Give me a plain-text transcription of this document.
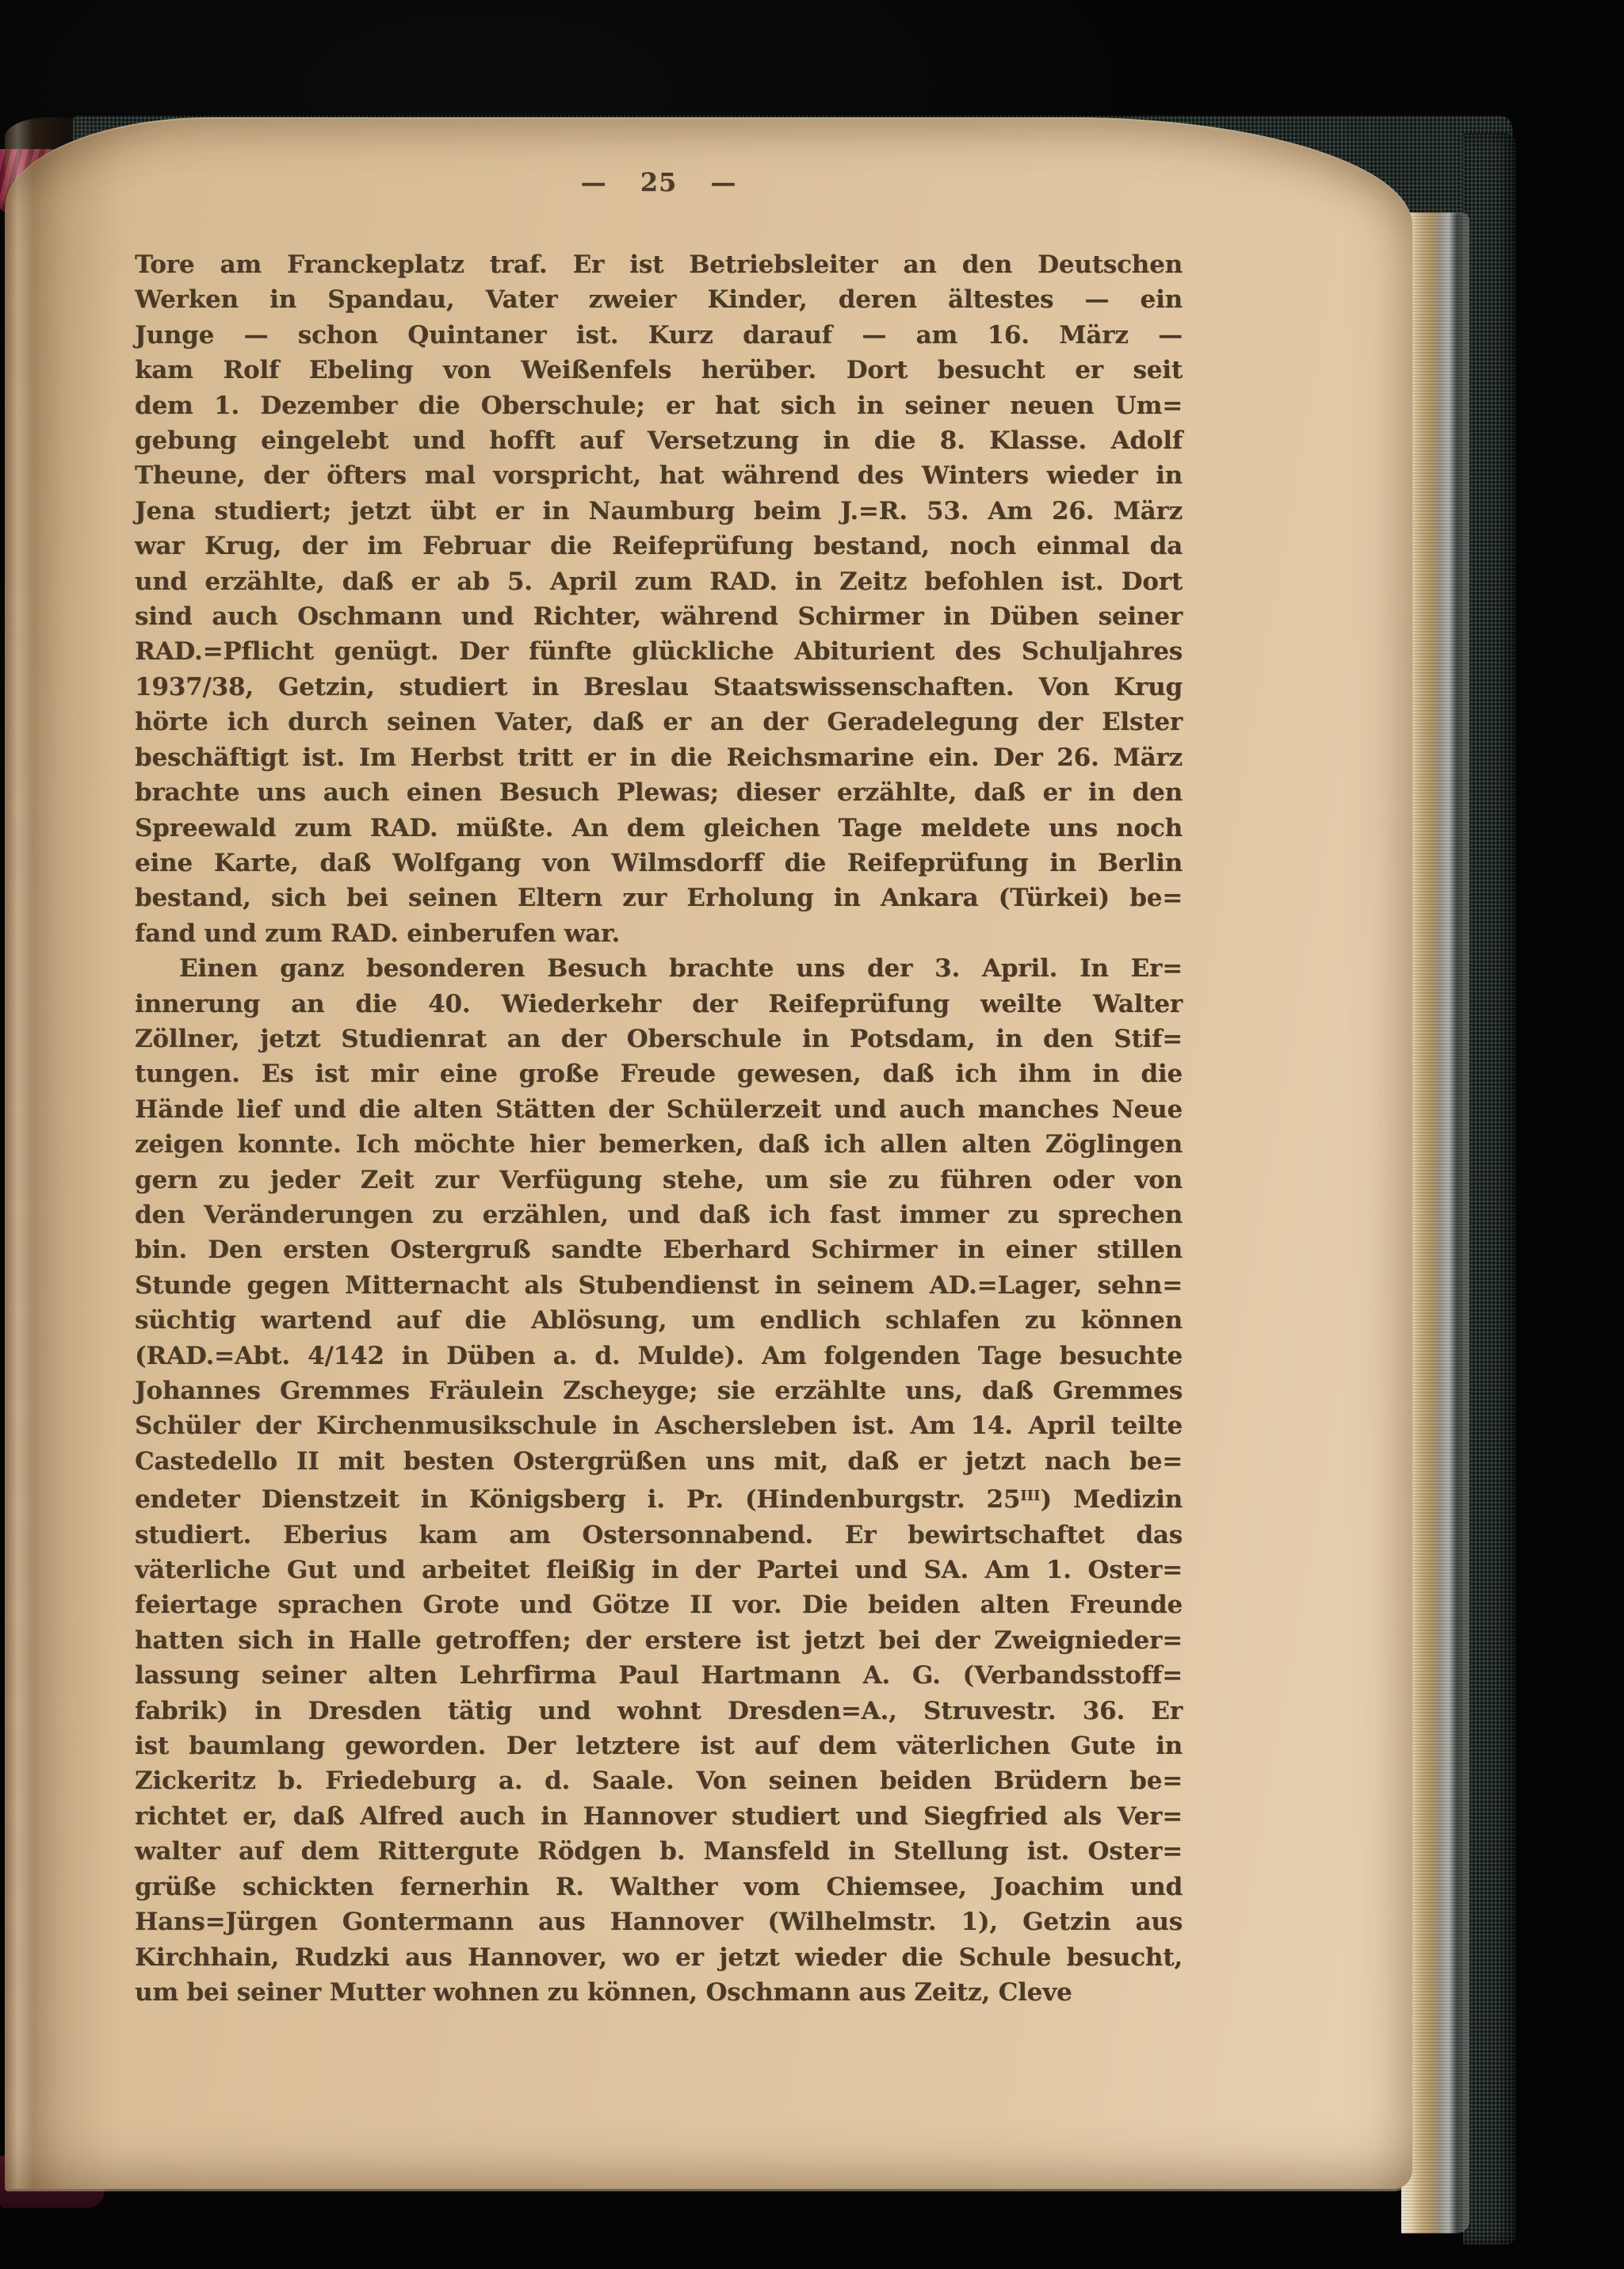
— 25 —
Tore am Franckeplatz traf. Er ist Betriebsleiter an den Deutschen
Werken in Spandau, Vater zweier Kinder, deren ältestes — ein
Junge — schon Quintaner ist. Kurz darauf — am 16. März —
kam Rolf Ebeling von Weißenfels herüber. Dort besucht er seit
dem 1. Dezember die Oberschule; er hat sich in seiner neuen Um=
gebung eingelebt und hofft auf Versetzung in die 8. Klasse. Adolf
Theune, der öfters mal vorspricht, hat während des Winters wieder in
Jena studiert; jetzt übt er in Naumburg beim J.=R. 53. Am 26. März
war Krug, der im Februar die Reifeprüfung bestand, noch einmal da
und erzählte, daß er ab 5. April zum RAD. in Zeitz befohlen ist. Dort
sind auch Oschmann und Richter, während Schirmer in Düben seiner
RAD.=Pflicht genügt. Der fünfte glückliche Abiturient des Schuljahres
1937/38, Getzin, studiert in Breslau Staatswissenschaften. Von Krug
hörte ich durch seinen Vater, daß er an der Geradelegung der Elster
beschäftigt ist. Im Herbst tritt er in die Reichsmarine ein. Der 26. März
brachte uns auch einen Besuch Plewas; dieser erzählte, daß er in den
Spreewald zum RAD. müßte. An dem gleichen Tage meldete uns noch
eine Karte, daß Wolfgang von Wilmsdorff die Reifeprüfung in Berlin
bestand, sich bei seinen Eltern zur Erholung in Ankara (Türkei) be=
fand und zum RAD. einberufen war.
Einen ganz besonderen Besuch brachte uns der 3. April. In Er=
innerung an die 40. Wiederkehr der Reifeprüfung weilte Walter
Zöllner, jetzt Studienrat an der Oberschule in Potsdam, in den Stif=
tungen. Es ist mir eine große Freude gewesen, daß ich ihm in die
Hände lief und die alten Stätten der Schülerzeit und auch manches Neue
zeigen konnte. Ich möchte hier bemerken, daß ich allen alten Zöglingen
gern zu jeder Zeit zur Verfügung stehe, um sie zu führen oder von
den Veränderungen zu erzählen, und daß ich fast immer zu sprechen
bin. Den ersten Ostergruß sandte Eberhard Schirmer in einer stillen
Stunde gegen Mitternacht als Stubendienst in seinem AD.=Lager, sehn=
süchtig wartend auf die Ablösung, um endlich schlafen zu können
(RAD.=Abt. 4/142 in Düben a. d. Mulde). Am folgenden Tage besuchte
Johannes Gremmes Fräulein Zscheyge; sie erzählte uns, daß Gremmes
Schüler der Kirchenmusikschule in Aschersleben ist. Am 14. April teilte
Castedello II mit besten Ostergrüßen uns mit, daß er jetzt nach be=
endeter Dienstzeit in Königsberg i. Pr. (Hindenburgstr. $25^{III}$) Medizin
studiert. Eberius kam am Ostersonnabend. Er bewirtschaftet das
väterliche Gut und arbeitet fleißig in der Partei und SA. Am 1. Oster=
feiertage sprachen Grote und Götze II vor. Die beiden alten Freunde
hatten sich in Halle getroffen; der erstere ist jetzt bei der Zweignieder=
lassung seiner alten Lehrfirma Paul Hartmann A. G. (Verbandsstoff=
fabrik) in Dresden tätig und wohnt Dresden=A., Struvestr. 36. Er
ist baumlang geworden. Der letztere ist auf dem väterlichen Gute in
Zickeritz b. Friedeburg a. d. Saale. Von seinen beiden Brüdern be=
richtet er, daß Alfred auch in Hannover studiert und Siegfried als Ver=
walter auf dem Rittergute Rödgen b. Mansfeld in Stellung ist. Oster=
grüße schickten fernerhin R. Walther vom Chiemsee, Joachim und
Hans=Jürgen Gontermann aus Hannover (Wilhelmstr. 1), Getzin aus
Kirchhain, Rudzki aus Hannover, wo er jetzt wieder die Schule besucht,
um bei seiner Mutter wohnen zu können, Oschmann aus Zeitz, Cleve
